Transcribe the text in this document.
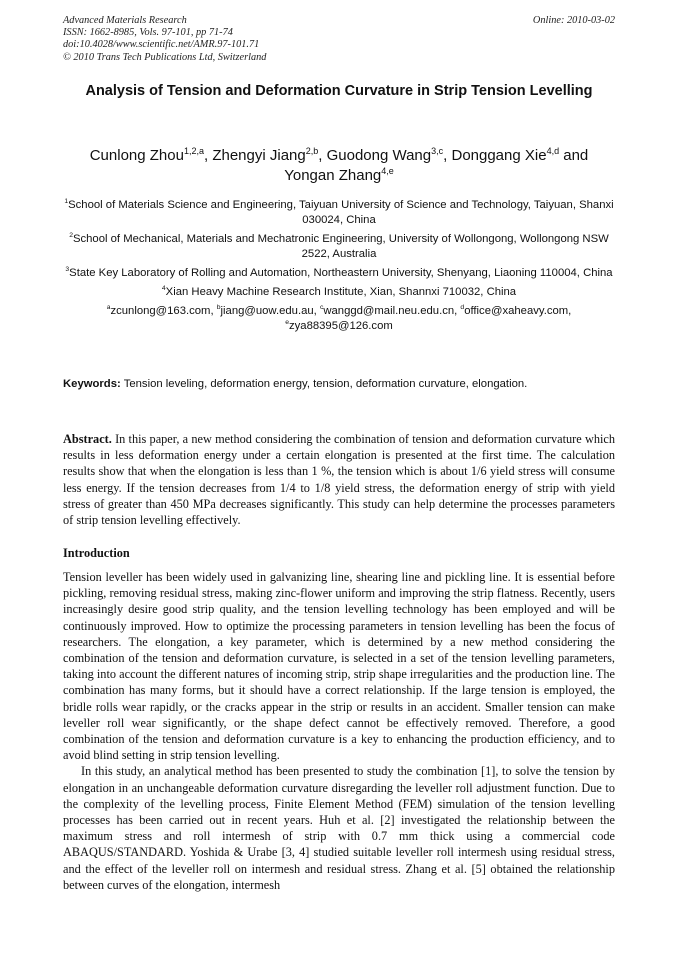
Advanced Materials Research
ISSN: 1662-8985, Vols. 97-101, pp 71-74
doi:10.4028/www.scientific.net/AMR.97-101.71
© 2010 Trans Tech Publications Ltd, Switzerland
Online: 2010-03-02
Analysis of Tension and Deformation Curvature in Strip Tension Levelling
Cunlong Zhou$^{1,2,a}$, Zhengyi Jiang$^{2,b}$, Guodong Wang$^{3,c}$, Donggang Xie$^{4,d}$ and
Yongan Zhang$^{4,e}$
$^1$School of Materials Science and Engineering, Taiyuan University of Science and Technology, Taiyuan, Shanxi 030024, China
$^2$School of Mechanical, Materials and Mechatronic Engineering, University of Wollongong, Wollongong NSW 2522, Australia
$^3$State Key Laboratory of Rolling and Automation, Northeastern University, Shenyang, Liaoning 110004, China
$^4$Xian Heavy Machine Research Institute, Xian, Shannxi 710032, China
$^a$zcunlong@163.com, $^b$jiang@uow.edu.au, $^c$wanggd@mail.neu.edu.cn, $^d$office@xaheavy.com, $^e$zya88395@126.com
Keywords: Tension leveling, deformation energy, tension, deformation curvature, elongation.
Abstract. In this paper, a new method considering the combination of tension and deformation curvature which results in less deformation energy under a certain elongation is presented at the first time. The calculation results show that when the elongation is less than 1 %, the tension which is about 1/6 yield stress will consume less energy. If the tension decreases from 1/4 to 1/8 yield stress, the deformation energy of strip with yield stress of greater than 450 MPa decreases significantly. This study can help determine the processes parameters of strip tension levelling effectively.
Introduction

Tension leveller has been widely used in galvanizing line, shearing line and pickling line. It is essential before pickling, removing residual stress, making zinc-flower uniform and improving the strip flatness. Recently, users increasingly desire good strip quality, and the tension levelling technology has been employed and will be continuously improved. How to optimize the processing parameters in tension levelling has been the focus of researchers. The elongation, a key parameter, which is determined by a new method considering the combination of the tension and deformation curvature, is selected in a set of the tension levelling parameters, taking into account the different natures of incoming strip, strip shape irregularities and the production line. The combination has many forms, but it should have a correct relationship. If the large tension is employed, the bridle rolls wear rapidly, or the cracks appear in the strip or results in an accident. Smaller tension can make leveller roll wear significantly, or the shape defect cannot be effectively removed. Therefore, a good combination of the tension and deformation curvature is a key to enhancing the production efficiency, and to avoid blind setting in strip tension levelling.

In this study, an analytical method has been presented to study the combination [1], to solve the tension by elongation in an unchangeable deformation curvature disregarding the leveller roll adjustment function. Due to the complexity of the levelling process, Finite Element Method (FEM) simulation of the tension levelling processes has been carried out in recent years. Huh et al. [2] investigated the relationship between the maximum stress and roll intermesh of strip with 0.7 mm thick using a commercial code ABAQUS/STANDARD. Yoshida & Urabe [3, 4] studied suitable leveller roll intermesh using residual stress, and the effect of the leveller roll on intermesh and residual stress. Zhang et al. [5] obtained the relationship between curves of the elongation, intermesh
